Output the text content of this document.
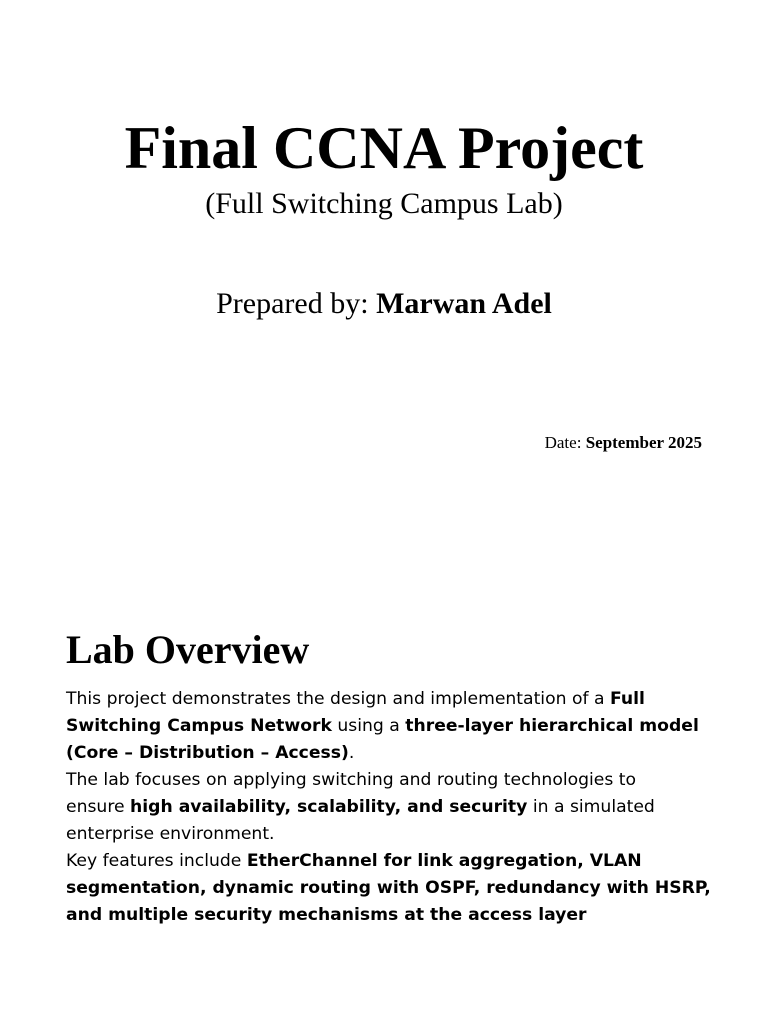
Final CCNA Project

(Full Switching Campus Lab)

Prepared by: Marwan Adel

Date: September 2025

Lab Overview
This project demonstrates the design and implementation of a Full
Switching Campus Network using a three-layer hierarchical model
(Core – Distribution – Access).
The lab focuses on applying switching and routing technologies to
ensure high availability, scalability, and security in a simulated
enterprise environment.
Key features include EtherChannel for link aggregation, VLAN
segmentation, dynamic routing with OSPF, redundancy with HSRP,
and multiple security mechanisms at the access layer
